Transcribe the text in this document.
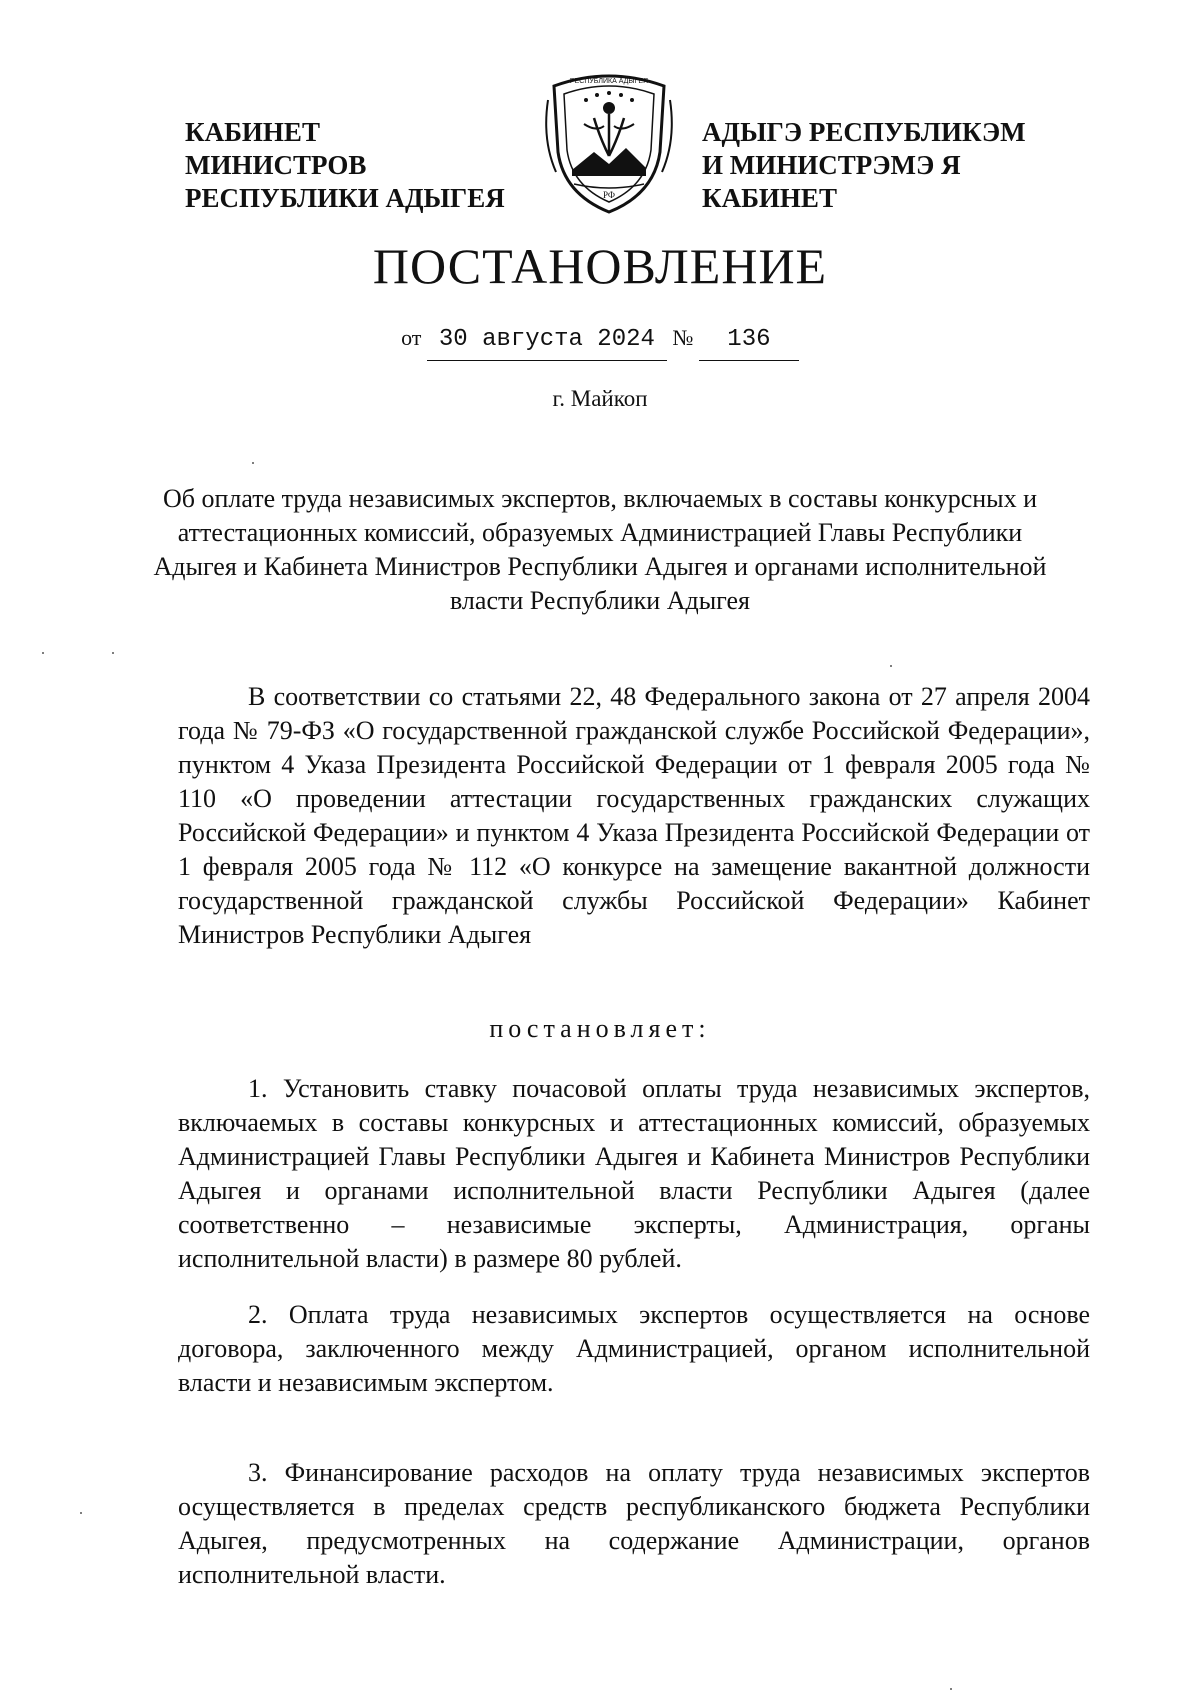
КАБИНЕТ МИНИСТРОВ
РЕСПУБЛИКИ АДЫГЕЯ	РФ
РЕСПУБЛИКА АДЫГЕЯ
АДЫГЭ РЕСПУБЛИКЭМ
И МИНИСТРЭМЭ Я КАБИНЕТ
ПОСТАНОВЛЕНИЕ
от 30 августа 2024 № 136
г. Майкоп
Об оплате труда независимых экспертов, включаемых в составы конкурсных и аттестационных комиссий, образуемых Администрацией Главы Республики Адыгея и Кабинета Министров Республики Адыгея и органами исполнительной власти Республики Адыгея

В соответствии со статьями 22, 48 Федерального закона от 27 апреля 2004 года № 79-ФЗ «О государственной гражданской службе Российской Федерации», пунктом 4 Указа Президента Российской Федерации от 1 февраля 2005 года № 110 «О проведении аттестации государственных гражданских служащих Российской Федерации» и пунктом 4 Указа Президента Российской Федерации от 1 февраля 2005 года № 112 «О конкурсе на замещение вакантной должности государственной гражданской службы Российской Федерации» Кабинет Министров Республики Адыгея

постановляет:

1. Установить ставку почасовой оплаты труда независимых экспертов, включаемых в составы конкурсных и аттестационных комиссий, образуемых Администрацией Главы Республики Адыгея и Кабинета Министров Республики Адыгея и органами исполнительной власти Республики Адыгея (далее соответственно – независимые эксперты, Администрация, органы исполнительной власти) в размере 80 рублей.

2. Оплата труда независимых экспертов осуществляется на основе договора, заключенного между Администрацией, органом исполнительной власти и независимым экспертом.

3. Финансирование расходов на оплату труда независимых экспертов осуществляется в пределах средств республиканского бюджета Республики Адыгея, предусмотренных на содержание Администрации, органов исполнительной власти.
